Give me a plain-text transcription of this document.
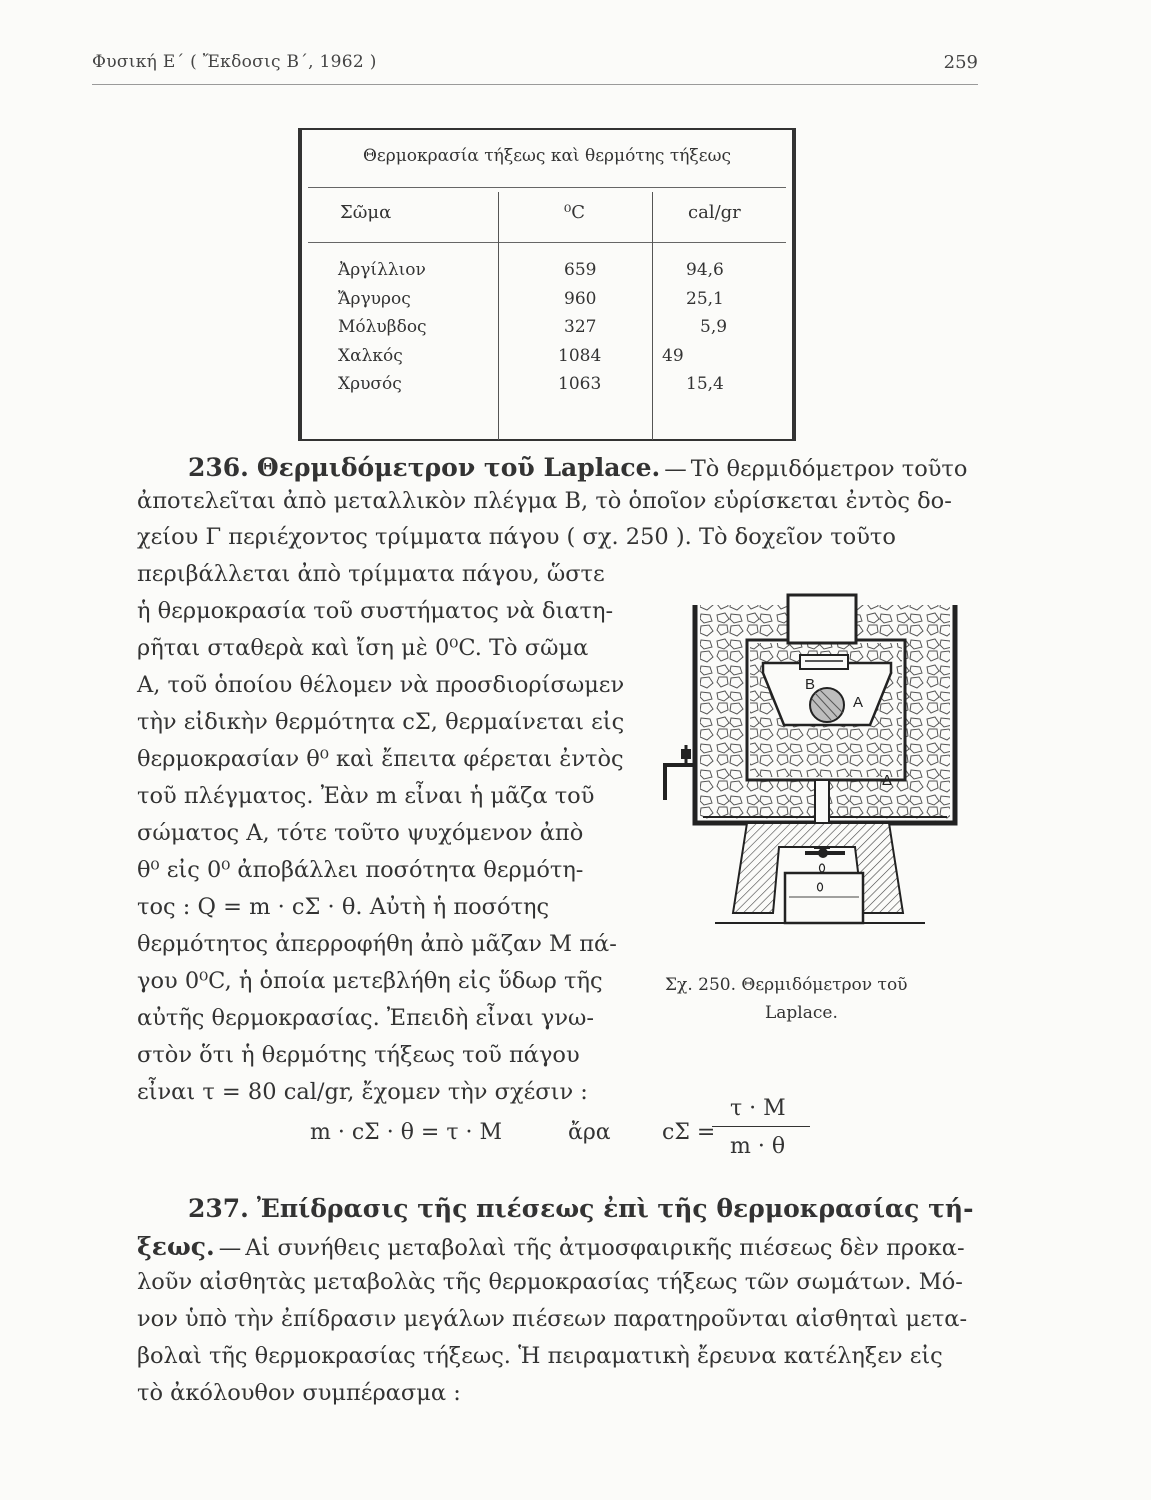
Φυσική Ε΄ ( Ἔκδοσις Β΄, 1962 )	259
Θερμοκρασία τήξεως καὶ θερμότης τήξεως
Σῶμα	⁰C	cal/gr
Ἀργίλλιον	659	94,6
Ἄργυρος	960	25,1
Μόλυβδος	327	5,9
Χαλκός	1084	49
Χρυσός	1063	15,4
236. Θερμιδόμετρον τοῦ Laplace. — Τὸ θερμιδόμετρον τοῦτο
ἀποτελεῖται ἀπὸ μεταλλικὸν πλέγμα Β, τὸ ὁποῖον εὑρίσκεται ἐντὸς δο-
χείου Γ περιέχοντος τρίμματα πάγου ( σχ. 250 ). Τὸ δοχεῖον τοῦτο
περιβάλλεται ἀπὸ τρίμματα πάγου, ὥστε
ἡ θερμοκρασία τοῦ συστήματος νὰ διατη-
ρῆται σταθερὰ καὶ ἴση μὲ 0⁰C. Τὸ σῶμα
Α, τοῦ ὁποίου θέλομεν νὰ προσδιορίσωμεν
τὴν εἰδικὴν θερμότητα cΣ, θερμαίνεται εἰς
θερμοκρασίαν θ⁰ καὶ ἔπειτα φέρεται ἐντὸς
τοῦ πλέγματος. Ἐὰν m εἶναι ἡ μᾶζα τοῦ
σώματος Α, τότε τοῦτο ψυχόμενον ἀπὸ
θ⁰ εἰς 0⁰ ἀποβάλλει ποσότητα θερμότη-
τος : Q = m · cΣ · θ. Αὐτὴ ἡ ποσότης
θερμότητος ἀπερροφήθη ἀπὸ μᾶζαν Μ πά-
γου 0⁰C, ἡ ὁποία μετεβλήθη εἰς ὕδωρ τῆς
αὐτῆς θερμοκρασίας. Ἐπειδὴ εἶναι γνω-
στὸν ὅτι ἡ θερμότης τήξεως τοῦ πάγου
εἶναι τ = 80 cal/gr, ἔχομεν τὴν σχέσιν :
Β
Α
Δ
Σχ. 250. Θερμιδόμετρον τοῦ
Laplace.
m · cΣ · θ = τ · Μ	ἄρα cΣ =
τ · Μ
m · θ
237. Ἐπίδρασις τῆς πιέσεως ἐπὶ τῆς θερμοκρασίας τή-
ξεως. — Αἱ συνήθεις μεταβολαὶ τῆς ἀτμοσφαιρικῆς πιέσεως δὲν προκα-
λοῦν αἰσθητὰς μεταβολὰς τῆς θερμοκρασίας τήξεως τῶν σωμάτων. Μό-
νον ὑπὸ τὴν ἐπίδρασιν μεγάλων πιέσεων παρατηροῦνται αἰσθηταὶ μετα-
βολαὶ τῆς θερμοκρασίας τήξεως. Ἡ πειραματικὴ ἔρευνα κατέληξεν εἰς
τὸ ἀκόλουθον συμπέρασμα :
